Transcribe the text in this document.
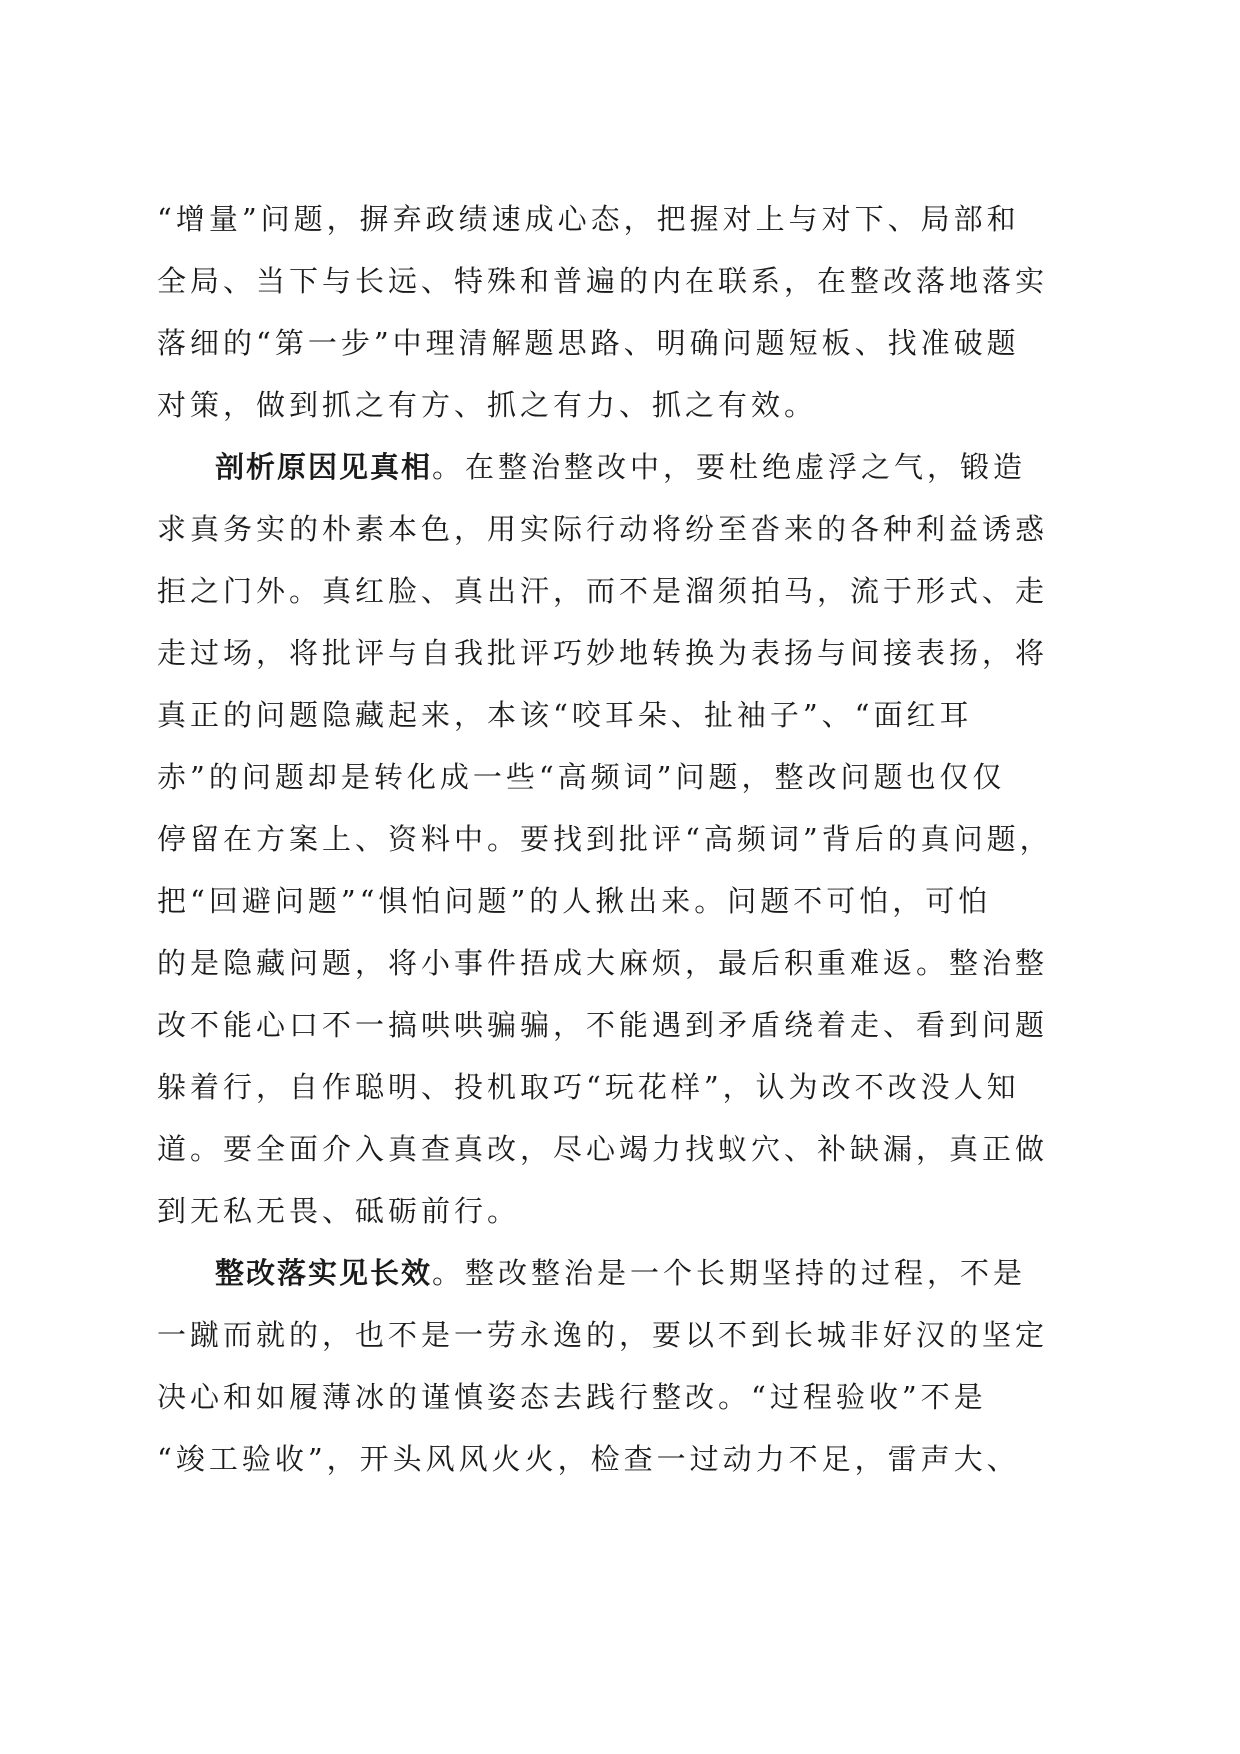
“增量”问题，摒弃政绩速成心态，把握对上与对下、局部和
全局、当下与长远、特殊和普遍的内在联系，在整改落地落实
落细的“第一步”中理清解题思路、明确问题短板、找准破题
对策，做到抓之有方、抓之有力、抓之有效。
剖析原因见真相。在整治整改中，要杜绝虚浮之气，锻造
求真务实的朴素本色，用实际行动将纷至沓来的各种利益诱惑
拒之门外。真红脸、真出汗，而不是溜须拍马，流于形式、走
走过场，将批评与自我批评巧妙地转换为表扬与间接表扬，将
真正的问题隐藏起来，本该“咬耳朵、扯袖子”、“面红耳
赤”的问题却是转化成一些“高频词”问题，整改问题也仅仅
停留在方案上、资料中。要找到批评“高频词”背后的真问题，
把“回避问题”“惧怕问题”的人揪出来。问题不可怕，可怕
的是隐藏问题，将小事件捂成大麻烦，最后积重难返。整治整
改不能心口不一搞哄哄骗骗，不能遇到矛盾绕着走、看到问题
躲着行，自作聪明、投机取巧“玩花样”，认为改不改没人知
道。要全面介入真查真改，尽心竭力找蚁穴、补缺漏，真正做
到无私无畏、砥砺前行。
整改落实见长效。整改整治是一个长期坚持的过程，不是
一蹴而就的，也不是一劳永逸的，要以不到长城非好汉的坚定
决心和如履薄冰的谨慎姿态去践行整改。“过程验收”不是
“竣工验收”，开头风风火火，检查一过动力不足，雷声大、
